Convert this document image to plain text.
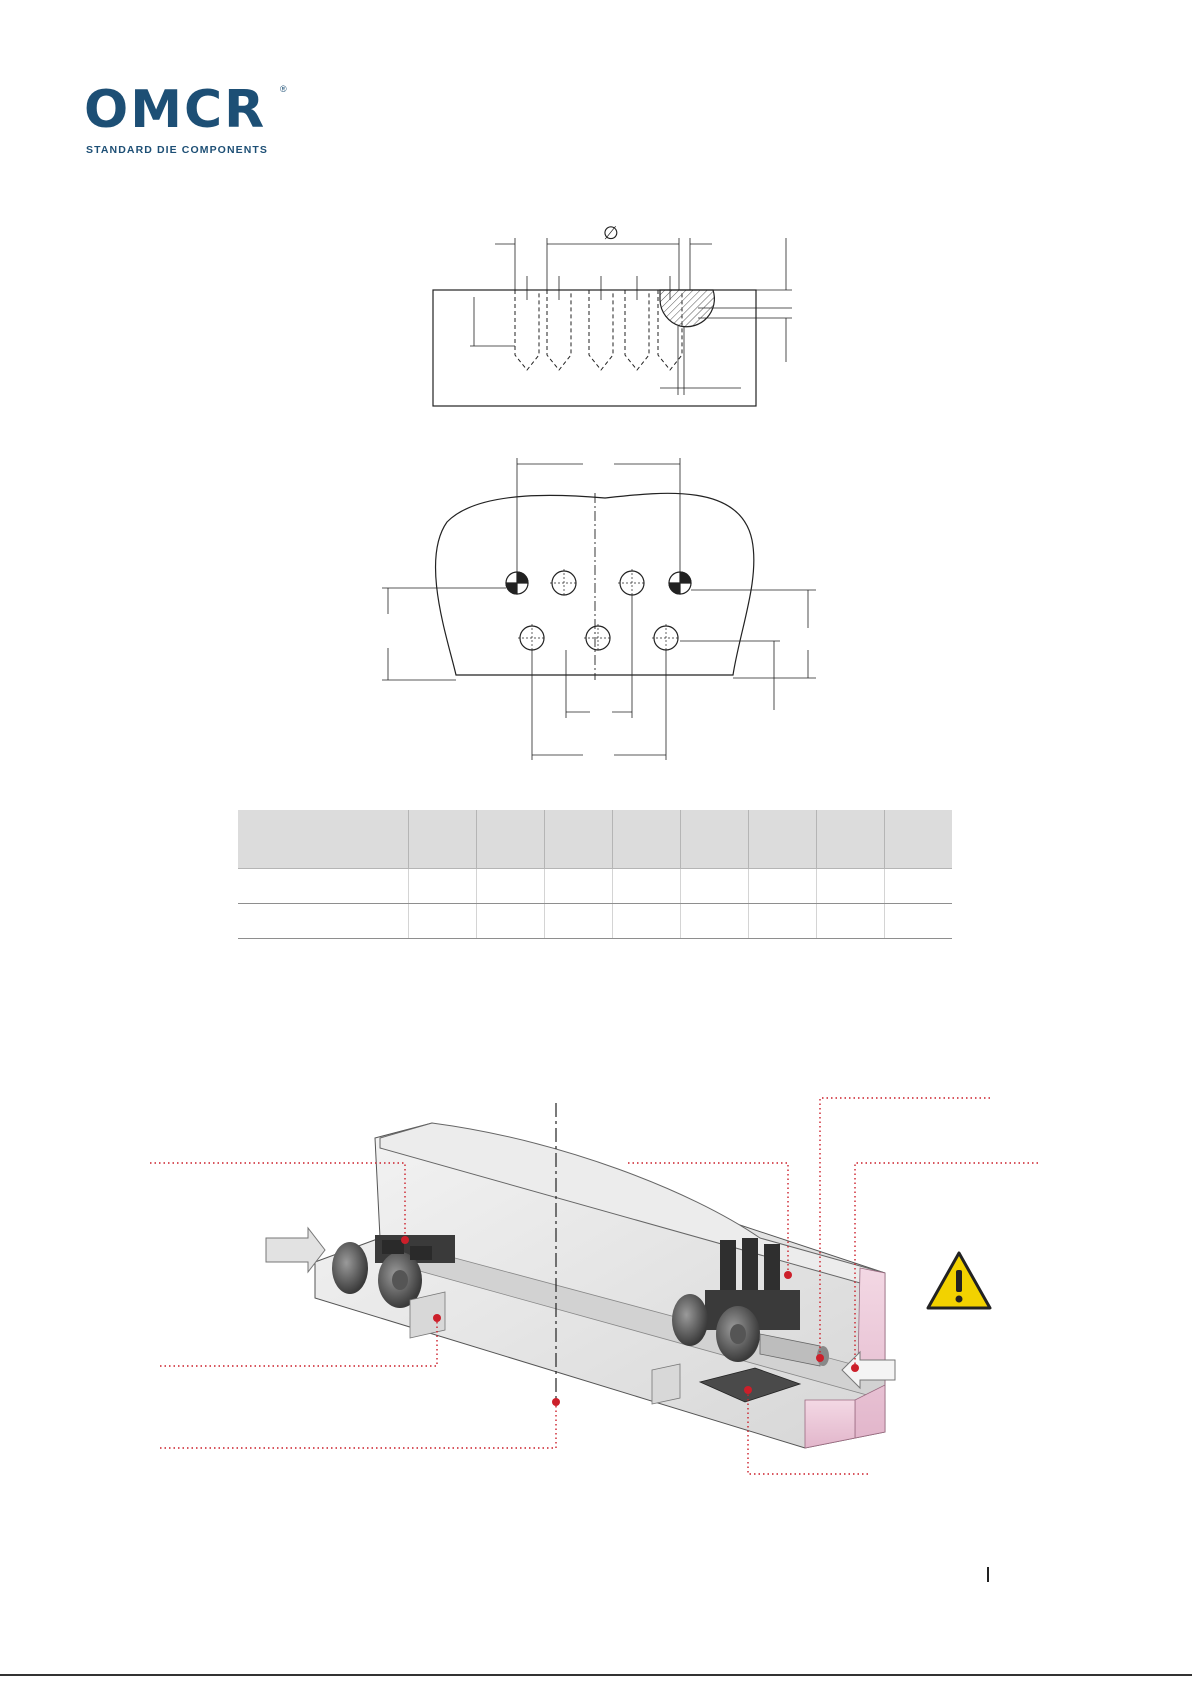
OMCR ®
STANDARD DIE COMPONENTS
∅
